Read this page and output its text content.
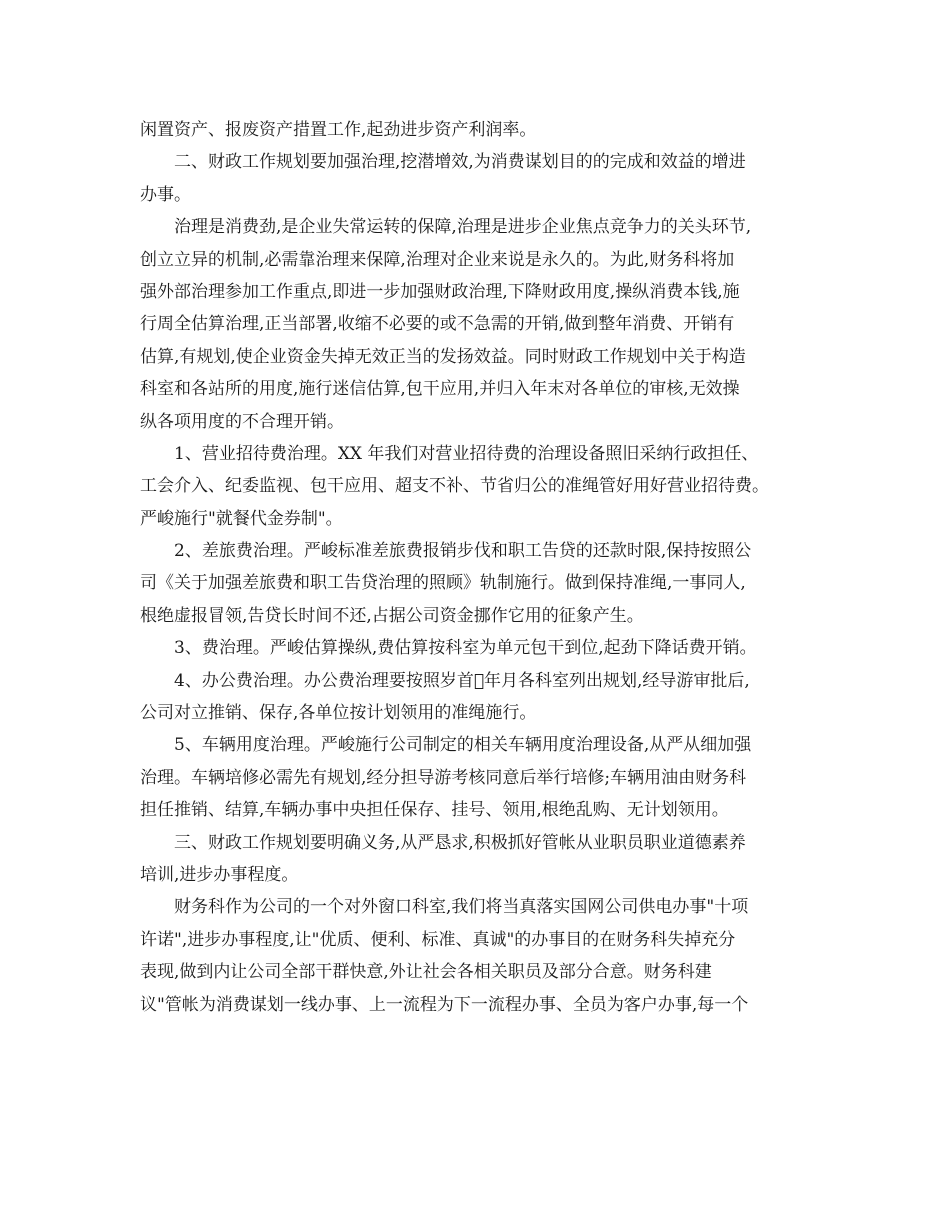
闲置资产、报废资产措置工作,起劲进步资产利润率。
二、财政工作规划要加强治理,挖潜增效,为消费谋划目的的完成和效益的增进
办事。
治理是消费劲,是企业失常运转的保障,治理是进步企业焦点竞争力的关头环节,
创立立异的机制,必需靠治理来保障,治理对企业来说是永久的。为此,财务科将加
强外部治理参加工作重点,即进一步加强财政治理,下降财政用度,操纵消费本钱,施
行周全估算治理,正当部署,收缩不必要的或不急需的开销,做到整年消费、开销有
估算,有规划,使企业资金失掉无效正当的发扬效益。同时财政工作规划中关于构造
科室和各站所的用度,施行迷信估算,包干应用,并归入年末对各单位的审核,无效操
纵各项用度的不合理开销。
1、营业招待费治理。XX 年我们对营业招待费的治理设备照旧采纳行政担任、
工会介入、纪委监视、包干应用、超支不补、节省归公的准绳管好用好营业招待费。
严峻施行"就餐代金券制"。
2、差旅费治理。严峻标准差旅费报销步伐和职工告贷的还款时限,保持按照公
司《关于加强差旅费和职工告贷治理的照顾》轨制施行。做到保持准绳,一事同人,
根绝虚报冒领,告贷长时间不还,占据公司资金挪作它用的征象产生。
3、费治理。严峻估算操纵,费估算按科室为单元包干到位,起劲下降话费开销。
4、办公费治理。办公费治理要按照岁首𫒔年月各科室列出规划,经导游审批后,
公司对立推销、保存,各单位按计划领用的准绳施行。
5、车辆用度治理。严峻施行公司制定的相关车辆用度治理设备,从严从细加强
治理。车辆培修必需先有规划,经分担导游考核同意后举行培修;车辆用油由财务科
担任推销、结算,车辆办事中央担任保存、挂号、领用,根绝乱购、无计划领用。
三、财政工作规划要明确义务,从严恳求,积极抓好管帐从业职员职业道德素养
培训,进步办事程度。
财务科作为公司的一个对外窗口科室,我们将当真落实国网公司供电办事"十项
许诺",进步办事程度,让"优质、便利、标准、真诚"的办事目的在财务科失掉充分
表现,做到内让公司全部干群快意,外让社会各相关职员及部分合意。财务科建
议"管帐为消费谋划一线办事、上一流程为下一流程办事、全员为客户办事,每一个
